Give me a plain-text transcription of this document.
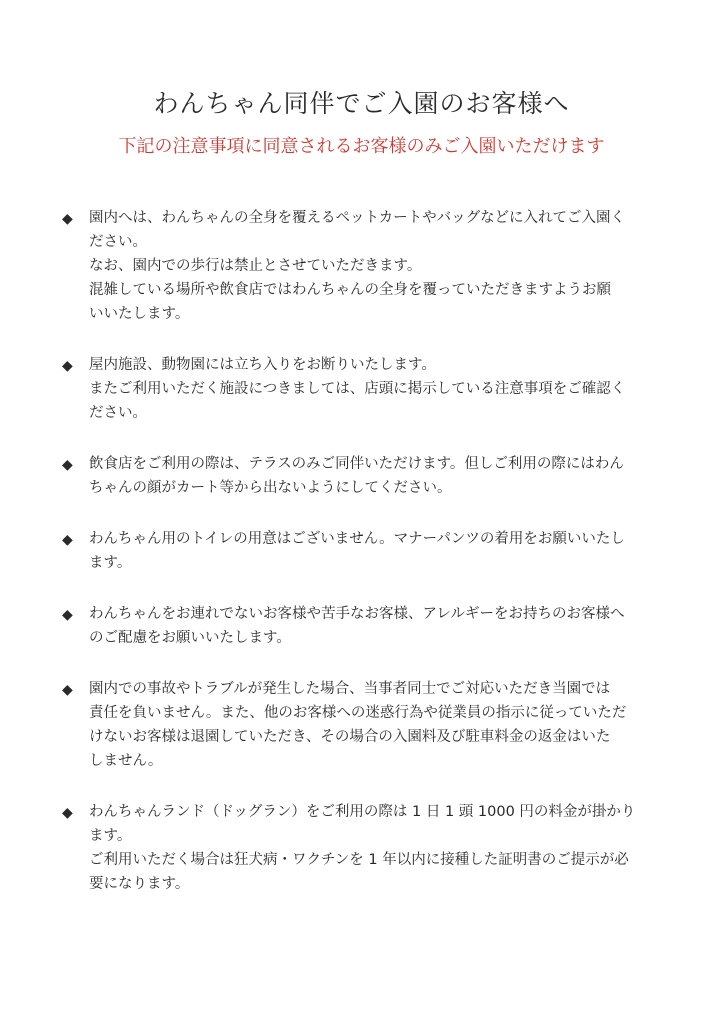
わんちゃん同伴でご入園のお客様へ

下記の注意事項に同意されるお客様のみご入園いただけます

◆ 園内へは、わんちゃんの全身を覆えるペットカートやバッグなどに入れてご入園く
ださい。
なお、園内での歩行は禁止とさせていただきます。
混雑している場所や飲食店ではわんちゃんの全身を覆っていただきますようお願
いいたします。
◆ 屋内施設、動物園には立ち入りをお断りいたします。
またご利用いただく施設につきましては、店頭に掲示している注意事項をご確認く
ださい。
◆ 飲食店をご利用の際は、テラスのみご同伴いただけます。但しご利用の際にはわん
ちゃんの顔がカート等から出ないようにしてください。
◆ わんちゃん用のトイレの用意はございません。マナーパンツの着用をお願いいたし
ます。
◆ わんちゃんをお連れでないお客様や苦手なお客様、アレルギーをお持ちのお客様へ
のご配慮をお願いいたします。
◆ 園内での事故やトラブルが発生した場合、当事者同士でご対応いただき当園では
責任を負いません。また、他のお客様への迷惑行為や従業員の指示に従っていただ
けないお客様は退園していただき、その場合の入園料及び駐車料金の返金はいた
しません。
◆ わんちゃんランド（ドッグラン）をご利用の際は 1 日 1 頭 1000 円の料金が掛かり
ます。
ご利用いただく場合は狂犬病・ワクチンを 1 年以内に接種した証明書のご提示が必
要になります。
